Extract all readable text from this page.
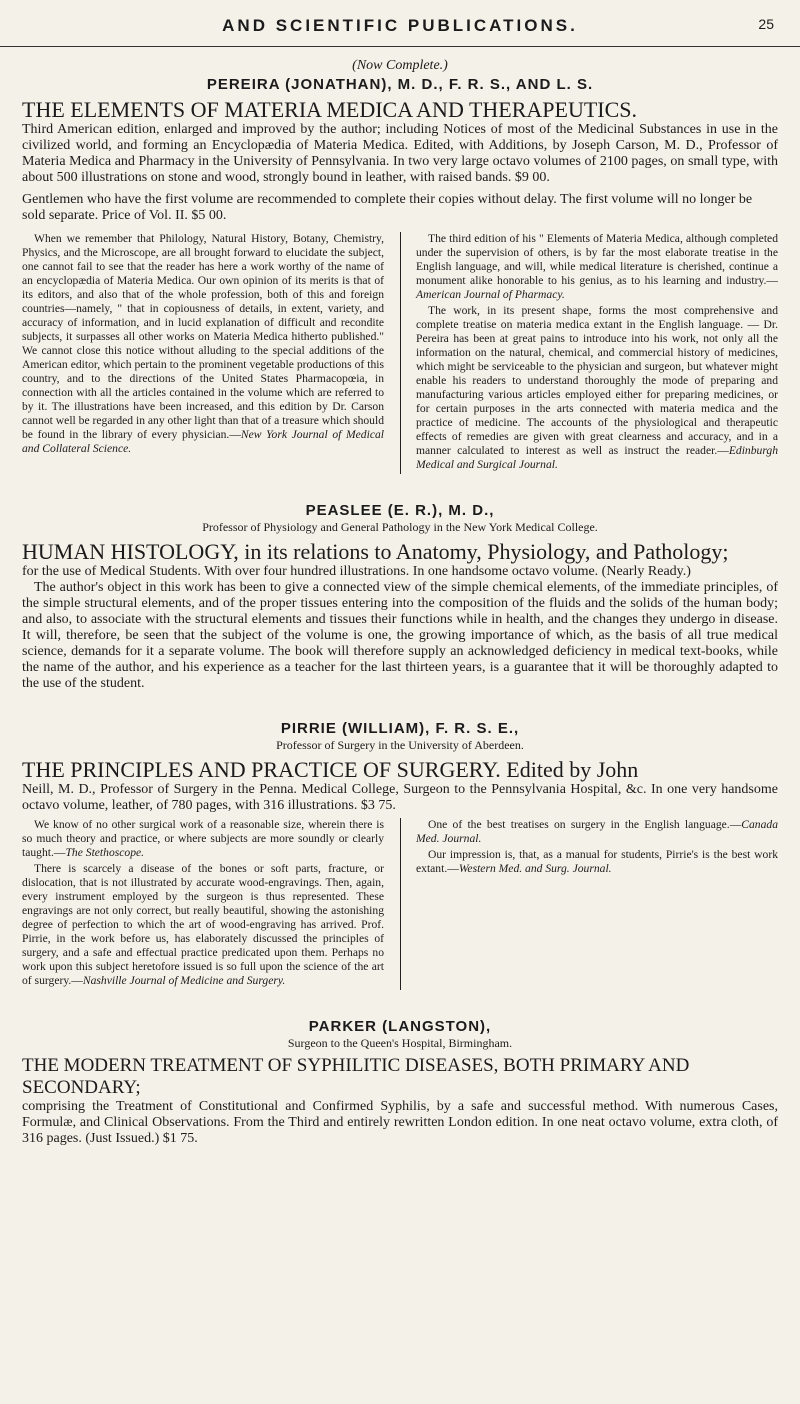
AND SCIENTIFIC PUBLICATIONS.	25

(Now Complete.)

PEREIRA (JONATHAN), M. D., F. R. S., AND L. S.

THE ELEMENTS OF MATERIA MEDICA AND THERAPEUTICS.

Third American edition, enlarged and improved by the author; including Notices of most of the Medicinal Substances in use in the civilized world, and forming an Encyclopædia of Materia Medica. Edited, with Additions, by Joseph Carson, M. D., Professor of Materia Medica and Pharmacy in the University of Pennsylvania. In two very large octavo volumes of 2100 pages, on small type, with about 500 illustrations on stone and wood, strongly bound in leather, with raised bands. $9 00.

Gentlemen who have the first volume are recommended to complete their copies without delay. The first volume will no longer be sold separate. Price of Vol. II. $5 00.

When we remember that Philology, Natural History, Botany, Chemistry, Physics, and the Microscope, are all brought forward to elucidate the subject, one cannot fail to see that the reader has here a work worthy of the name of an encyclopædia of Materia Medica. Our own opinion of its merits is that of its editors, and also that of the whole profession, both of this and foreign countries—namely, " that in copiousness of details, in extent, variety, and accuracy of information, and in lucid explanation of difficult and recondite subjects, it surpasses all other works on Materia Medica hitherto published." We cannot close this notice without alluding to the special additions of the American editor, which pertain to the prominent vegetable productions of this country, and to the directions of the United States Pharmacopœia, in connection with all the articles contained in the volume which are referred to by it. The illustrations have been increased, and this edition by Dr. Carson cannot well be regarded in any other light than that of a treasure which should be found in the library of every physician.—New York Journal of Medical and Collateral Science.

The third edition of his " Elements of Materia Medica, although completed under the supervision of others, is by far the most elaborate treatise in the English language, and will, while medical literature is cherished, continue a monument alike honorable to his genius, as to his learning and industry.—American Journal of Pharmacy.

The work, in its present shape, forms the most comprehensive and complete treatise on materia medica extant in the English language. — Dr. Pereira has been at great pains to introduce into his work, not only all the information on the natural, chemical, and commercial history of medicines, which might be serviceable to the physician and surgeon, but whatever might enable his readers to understand thoroughly the mode of preparing and manufacturing various articles employed either for preparing medicines, or for certain purposes in the arts connected with materia medica and the practice of medicine. The accounts of the physiological and therapeutic effects of remedies are given with great clearness and accuracy, and in a manner calculated to interest as well as instruct the reader.—Edinburgh Medical and Surgical Journal.

PEASLEE (E. R.), M. D.,

Professor of Physiology and General Pathology in the New York Medical College.

HUMAN HISTOLOGY, in its relations to Anatomy, Physiology, and Pathology;

for the use of Medical Students. With over four hundred illustrations. In one handsome octavo volume. (Nearly Ready.)

The author's object in this work has been to give a connected view of the simple chemical elements, of the immediate principles, of the simple structural elements, and of the proper tissues entering into the composition of the fluids and the solids of the human body; and also, to associate with the structural elements and tissues their functions while in health, and the changes they undergo in disease. It will, therefore, be seen that the subject of the volume is one, the growing importance of which, as the basis of all true medical science, demands for it a separate volume. The book will therefore supply an acknowledged deficiency in medical text-books, while the name of the author, and his experience as a teacher for the last thirteen years, is a guarantee that it will be thoroughly adapted to the use of the student.

PIRRIE (WILLIAM), F. R. S. E.,

Professor of Surgery in the University of Aberdeen.

THE PRINCIPLES AND PRACTICE OF SURGERY. Edited by John

Neill, M. D., Professor of Surgery in the Penna. Medical College, Surgeon to the Pennsylvania Hospital, &c. In one very handsome octavo volume, leather, of 780 pages, with 316 illustrations. $3 75.

We know of no other surgical work of a reasonable size, wherein there is so much theory and practice, or where subjects are more soundly or clearly taught.—The Stethoscope.

There is scarcely a disease of the bones or soft parts, fracture, or dislocation, that is not illustrated by accurate wood-engravings. Then, again, every instrument employed by the surgeon is thus represented. These engravings are not only correct, but really beautiful, showing the astonishing degree of perfection to which the art of wood-engraving has arrived. Prof. Pirrie, in the work before us, has elaborately discussed the principles of surgery, and a safe and effectual practice predicated upon them. Perhaps no work upon this subject heretofore issued is so full upon the science of the art of surgery.—Nashville Journal of Medicine and Surgery.

One of the best treatises on surgery in the English language.—Canada Med. Journal.

Our impression is, that, as a manual for students, Pirrie's is the best work extant.—Western Med. and Surg. Journal.

PARKER (LANGSTON),

Surgeon to the Queen's Hospital, Birmingham.

THE MODERN TREATMENT OF SYPHILITIC DISEASES, BOTH PRIMARY AND SECONDARY;

comprising the Treatment of Constitutional and Confirmed Syphilis, by a safe and successful method. With numerous Cases, Formulæ, and Clinical Observations. From the Third and entirely rewritten London edition. In one neat octavo volume, extra cloth, of 316 pages. (Just Issued.) $1 75.
